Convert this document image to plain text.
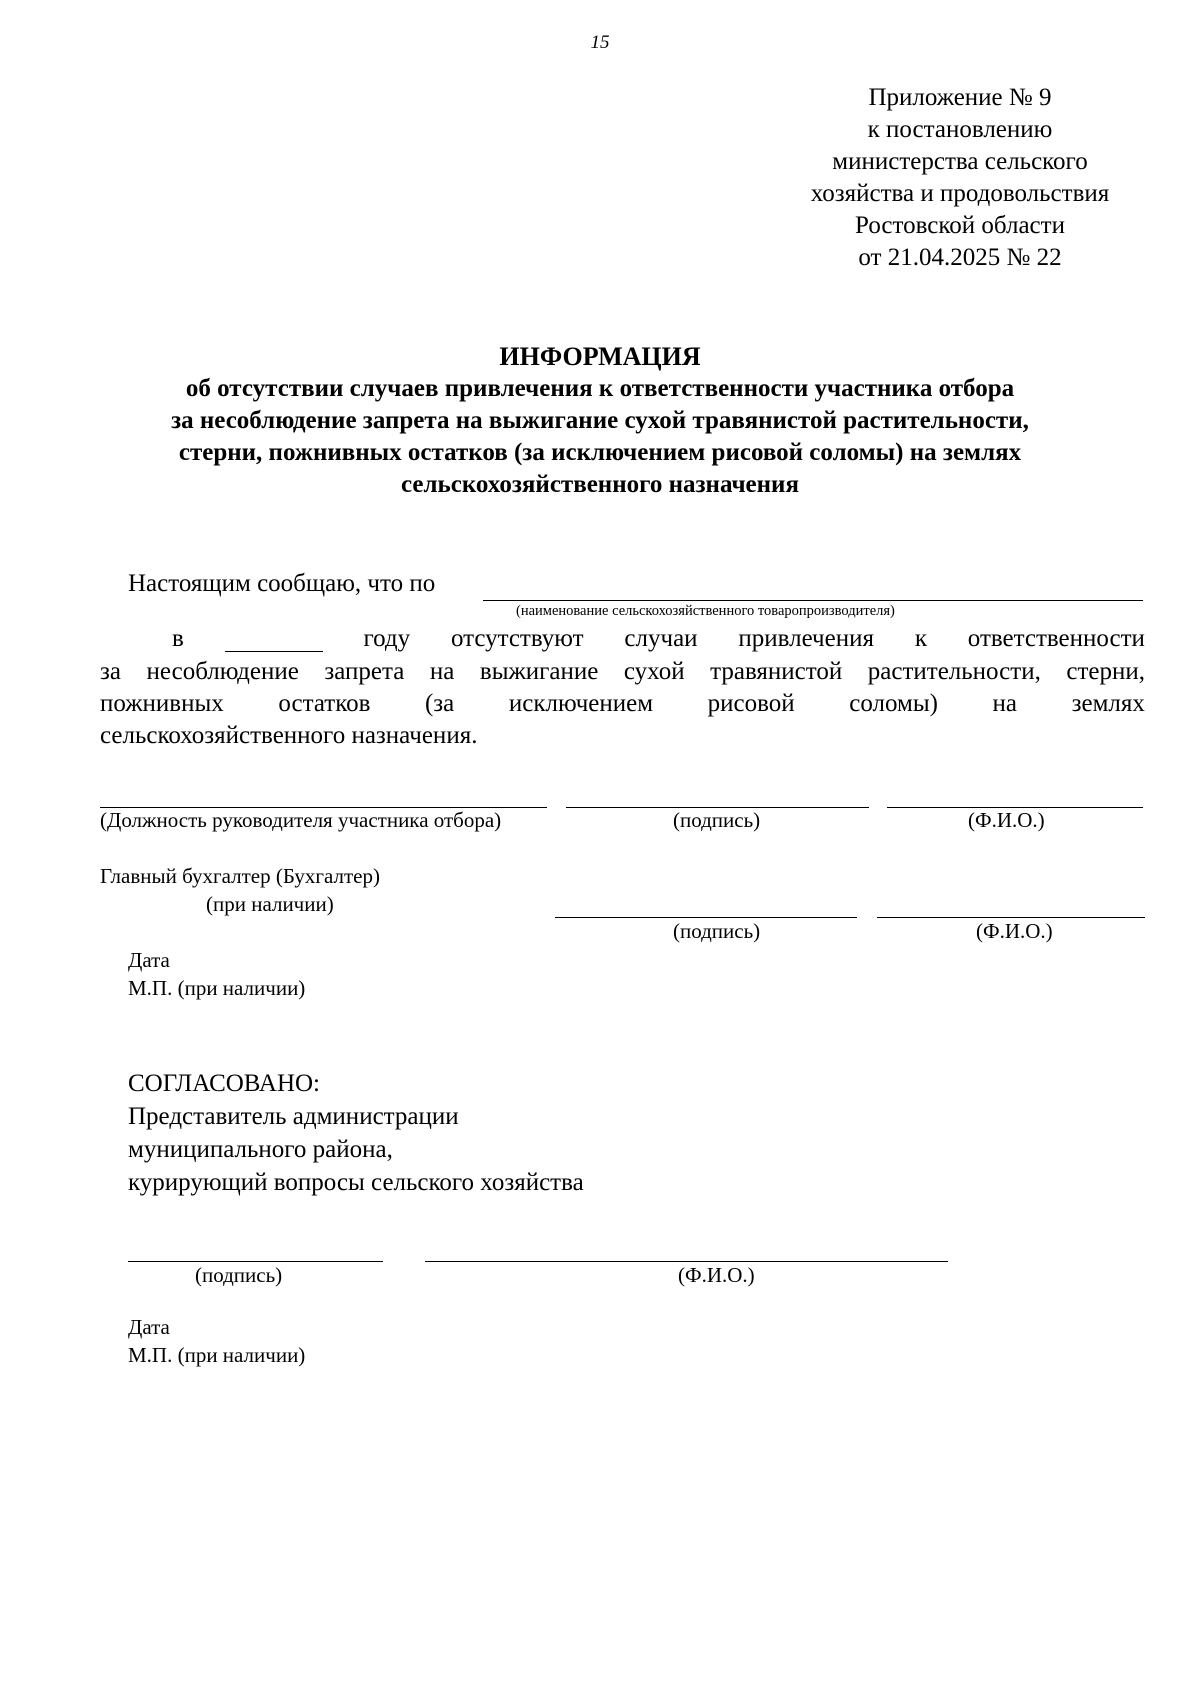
15
Приложение № 9
к постановлению
министерства сельского
хозяйства и продовольствия
Ростовской области
от 21.04.2025 № 22
ИНФОРМАЦИЯ
об отсутствии случаев привлечения к ответственности участника отбора
за несоблюдение запрета на выжигание сухой травянистой растительности,
стерни, пожнивных остатков (за исключением рисовой соломы) на землях
сельскохозяйственного назначения
Настоящим сообщаю, что по
(наименование сельскохозяйственного товаропроизводителя)
в	году отсутствуют случаи привлечения к ответственности
за несоблюдение запрета на выжигание сухой травянистой растительности, стерни,
пожнивных остатков (за исключением рисовой соломы) на землях
сельскохозяйственного назначения.
(Должность руководителя участника отбора)	(подпись)	(Ф.И.О.)
Главный бухгалтер (Бухгалтер)
(при наличии)
(подпись)	(Ф.И.О.)
Дата
М.П. (при наличии)
СОГЛАСОВАНО:
Представитель администрации
муниципального района,
курирующий вопросы сельского хозяйства
(подпись)	(Ф.И.О.)
Дата
М.П. (при наличии)
